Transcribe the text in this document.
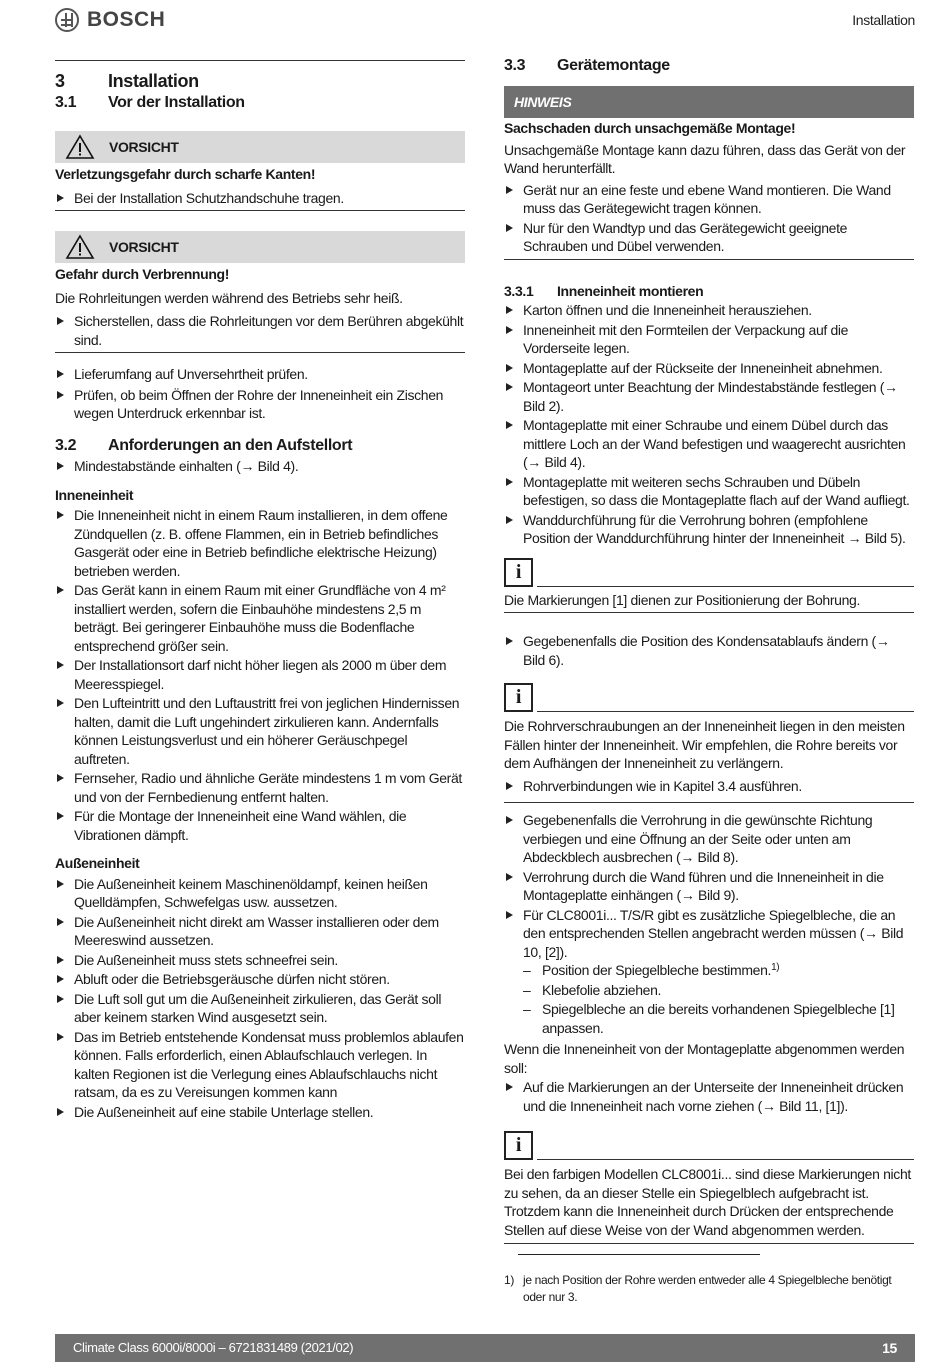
BOSCH	Installation
3	Installation
3.1	Vor der Installation
VORSICHT
Verletzungsgefahr durch scharfe Kanten!
Bei der Installation Schutzhandschuhe tragen.
VORSICHT
Gefahr durch Verbrennung!
Die Rohrleitungen werden während des Betriebs sehr heiß.
Sicherstellen, dass die Rohrleitungen vor dem Berühren abgekühlt sind.
Lieferumfang auf Unversehrtheit prüfen.
Prüfen, ob beim Öffnen der Rohre der Inneneinheit ein Zischen wegen Unterdruck erkennbar ist.
3.2	Anforderungen an den Aufstellort
Mindestabstände einhalten (→ Bild 4).
Inneneinheit
Die Inneneinheit nicht in einem Raum installieren, in dem offene Zündquellen (z. B. offene Flammen, ein in Betrieb befindliches Gasgerät oder eine in Betrieb befindliche elektrische Heizung) betrieben werden.
Das Gerät kann in einem Raum mit einer Grundfläche von 4 m² installiert werden, sofern die Einbauhöhe mindestens 2,5 m beträgt. Bei geringerer Einbauhöhe muss die Bodenflache entsprechend größer sein.
Der Installationsort darf nicht höher liegen als 2000 m über dem Meeresspiegel.
Den Lufteintritt und den Luftaustritt frei von jeglichen Hindernissen halten, damit die Luft ungehindert zirkulieren kann. Andernfalls können Leistungsverlust und ein höherer Geräuschpegel auftreten.
Fernseher, Radio und ähnliche Geräte mindestens 1 m vom Gerät und von der Fernbedienung entfernt halten.
Für die Montage der Inneneinheit eine Wand wählen, die Vibrationen dämpft.
Außeneinheit
Die Außeneinheit keinem Maschinenöldampf, keinen heißen Quelldämpfen, Schwefelgas usw. aussetzen.
Die Außeneinheit nicht direkt am Wasser installieren oder dem Meereswind aussetzen.
Die Außeneinheit muss stets schneefrei sein.
Abluft oder die Betriebsgeräusche dürfen nicht stören.
Die Luft soll gut um die Außeneinheit zirkulieren, das Gerät soll aber keinem starken Wind ausgesetzt sein.
Das im Betrieb entstehende Kondensat muss problemlos ablaufen können. Falls erforderlich, einen Ablaufschlauch verlegen. In kalten Regionen ist die Verlegung eines Ablaufschlauchs nicht ratsam, da es zu Vereisungen kommen kann
Die Außeneinheit auf eine stabile Unterlage stellen.
3.3	Gerätemontage
HINWEIS
Sachschaden durch unsachgemäße Montage!
Unsachgemäße Montage kann dazu führen, dass das Gerät von der Wand herunterfällt.
Gerät nur an eine feste und ebene Wand montieren. Die Wand muss das Gerätegewicht tragen können.
Nur für den Wandtyp und das Gerätegewicht geeignete Schrauben und Dübel verwenden.
3.3.1	Inneneinheit montieren
Karton öffnen und die Inneneinheit herausziehen.
Inneneinheit mit den Formteilen der Verpackung auf die Vorderseite legen.
Montageplatte auf der Rückseite der Inneneinheit abnehmen.
Montageort unter Beachtung der Mindestabstände festlegen (→ Bild 2).
Montageplatte mit einer Schraube und einem Dübel durch das mittlere Loch an der Wand befestigen und waagerecht ausrichten (→ Bild 4).
Montageplatte mit weiteren sechs Schrauben und Dübeln befestigen, so dass die Montageplatte flach auf der Wand aufliegt.
Wanddurchführung für die Verrohrung bohren (empfohlene Position der Wanddurchführung hinter der Inneneinheit → Bild 5).
i
Die Markierungen [1] dienen zur Positionierung der Bohrung.
Gegebenenfalls die Position des Kondensatablaufs ändern (→ Bild 6).
i
Die Rohrverschraubungen an der Inneneinheit liegen in den meisten Fällen hinter der Inneneinheit. Wir empfehlen, die Rohre bereits vor dem Aufhängen der Inneneinheit zu verlängern.
Rohrverbindungen wie in Kapitel 3.4 ausführen.
Gegebenenfalls die Verrohrung in die gewünschte Richtung verbiegen und eine Öffnung an der Seite oder unten am Abdeckblech ausbrechen (→ Bild 8).
Verrohrung durch die Wand führen und die Inneneinheit in die Montageplatte einhängen (→ Bild 9).
Für CLC8001i... T/S/R gibt es zusätzliche Spiegelbleche, die an den entsprechenden Stellen angebracht werden müssen (→ Bild 10, [2]).
– Position der Spiegelbleche bestimmen.$^{1)}$
– Klebefolie abziehen.
– Spiegelbleche an die bereits vorhandenen Spiegelbleche [1] anpassen.
Wenn die Inneneinheit von der Montageplatte abgenommen werden soll:
Auf die Markierungen an der Unterseite der Inneneinheit drücken und die Inneneinheit nach vorne ziehen (→ Bild 11, [1]).
i
Bei den farbigen Modellen CLC8001i... sind diese Markierungen nicht zu sehen, da an dieser Stelle ein Spiegelblech aufgebracht ist. Trotzdem kann die Inneneinheit durch Drücken der entsprechende Stellen auf diese Weise von der Wand abgenommen werden.
1) je nach Position der Rohre werden entweder alle 4 Spiegelbleche benötigt oder nur 3.
Climate Class 6000i/8000i – 6721831489 (2021/02)	15
